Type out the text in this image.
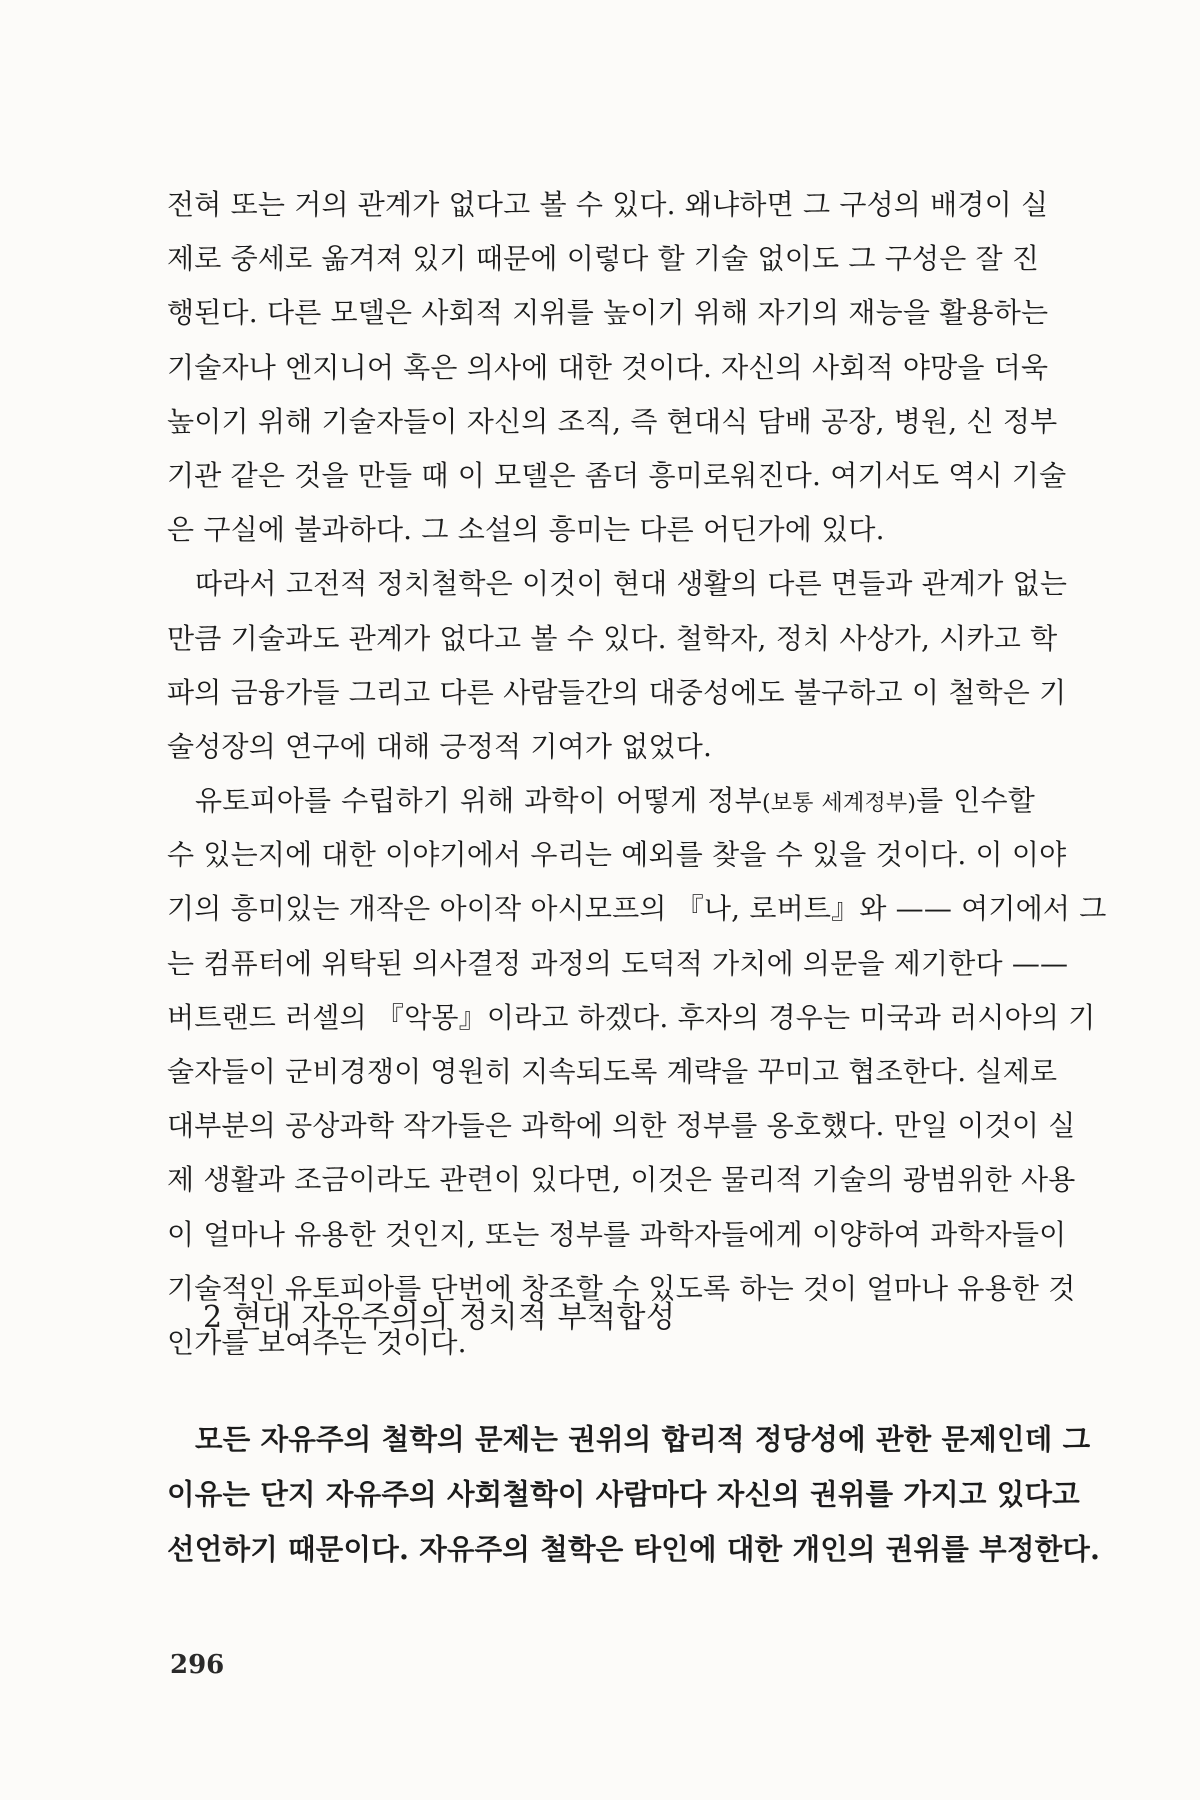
전혀 또는 거의 관계가 없다고 볼 수 있다. 왜냐하면 그 구성의 배경이 실
제로 중세로 옮겨져 있기 때문에 이렇다 할 기술 없이도 그 구성은 잘 진
행된다. 다른 모델은 사회적 지위를 높이기 위해 자기의 재능을 활용하는
기술자나 엔지니어 혹은 의사에 대한 것이다. 자신의 사회적 야망을 더욱
높이기 위해 기술자들이 자신의 조직, 즉 현대식 담배 공장, 병원, 신 정부
기관 같은 것을 만들 때 이 모델은 좀더 흥미로워진다. 여기서도 역시 기술
은 구실에 불과하다. 그 소설의 흥미는 다른 어딘가에 있다.
따라서 고전적 정치철학은 이것이 현대 생활의 다른 면들과 관계가 없는
만큼 기술과도 관계가 없다고 볼 수 있다. 철학자, 정치 사상가, 시카고 학
파의 금융가들 그리고 다른 사람들간의 대중성에도 불구하고 이 철학은 기
술성장의 연구에 대해 긍정적 기여가 없었다.
유토피아를 수립하기 위해 과학이 어떻게 정부(보통 세계정부)를 인수할
수 있는지에 대한 이야기에서 우리는 예외를 찾을 수 있을 것이다. 이 이야
기의 흥미있는 개작은 아이작 아시모프의 『나, 로버트』와 —— 여기에서 그
는 컴퓨터에 위탁된 의사결정 과정의 도덕적 가치에 의문을 제기한다 ——
버트랜드 러셀의 『악몽』이라고 하겠다. 후자의 경우는 미국과 러시아의 기
술자들이 군비경쟁이 영원히 지속되도록 계략을 꾸미고 협조한다. 실제로
대부분의 공상과학 작가들은 과학에 의한 정부를 옹호했다. 만일 이것이 실
제 생활과 조금이라도 관련이 있다면, 이것은 물리적 기술의 광범위한 사용
이 얼마나 유용한 것인지, 또는 정부를 과학자들에게 이양하여 과학자들이
기술적인 유토피아를 단번에 창조할 수 있도록 하는 것이 얼마나 유용한 것
인가를 보여주는 것이다.
2 현대 자유주의의 정치적 부적합성
모든 자유주의 철학의 문제는 권위의 합리적 정당성에 관한 문제인데 그
이유는 단지 자유주의 사회철학이 사람마다 자신의 권위를 가지고 있다고
선언하기 때문이다. 자유주의 철학은 타인에 대한 개인의 권위를 부정한다.
296
